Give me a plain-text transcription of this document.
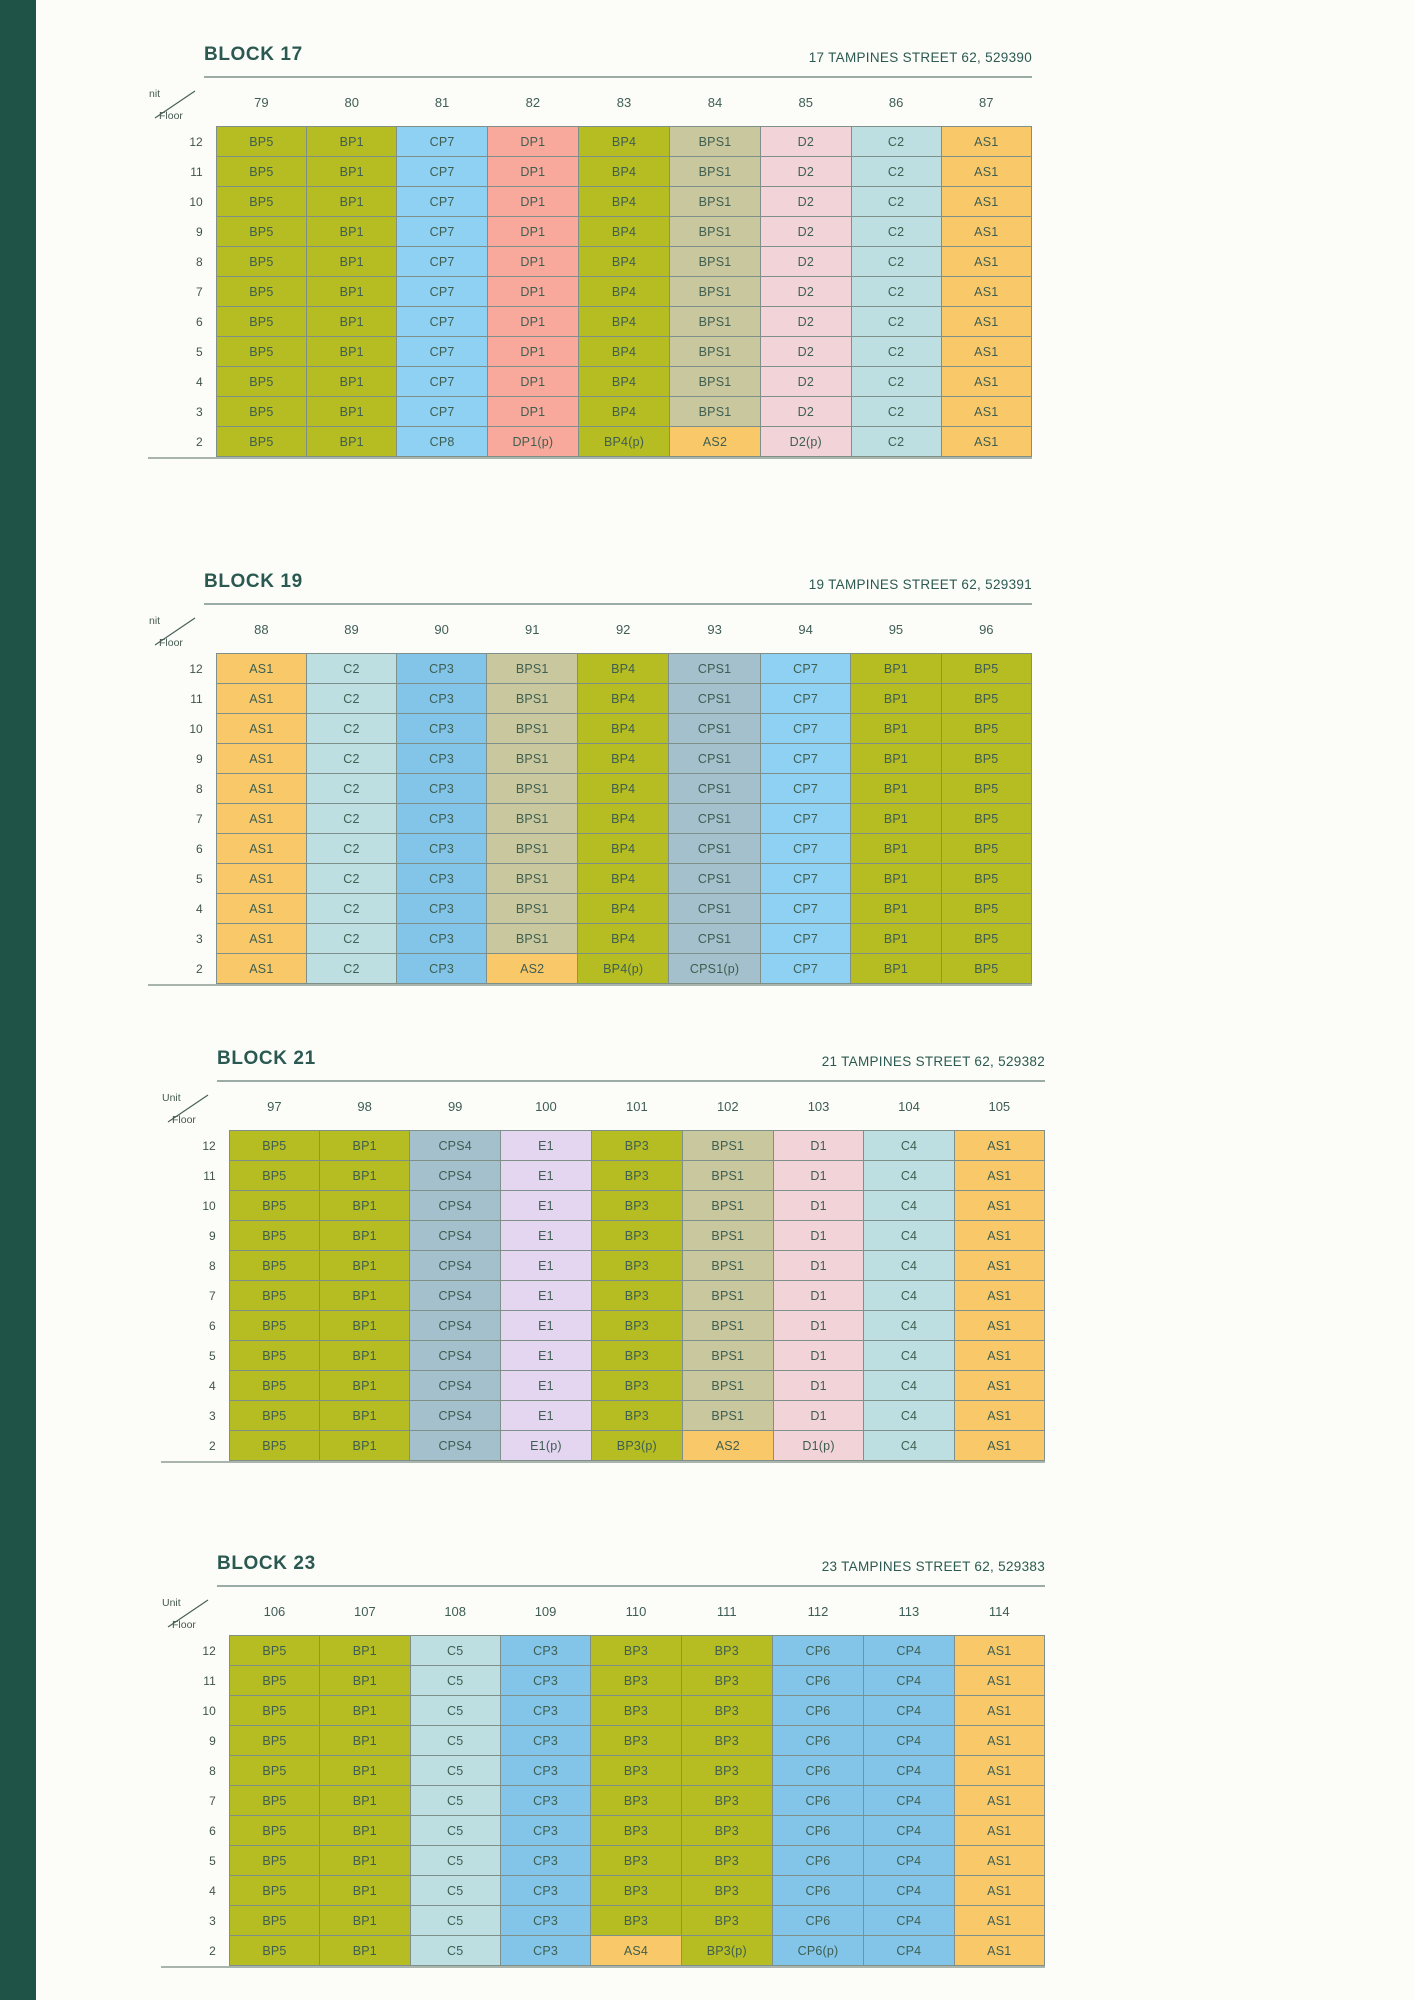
BLOCK 17	17 TAMPINES STREET 62, 529390
nit
Floor	79	80	81	82	83	84	85	86	87
12	BP5	BP1	CP7	DP1	BP4	BPS1	D2	C2	AS1
11	BP5	BP1	CP7	DP1	BP4	BPS1	D2	C2	AS1
10	BP5	BP1	CP7	DP1	BP4	BPS1	D2	C2	AS1
9	BP5	BP1	CP7	DP1	BP4	BPS1	D2	C2	AS1
8	BP5	BP1	CP7	DP1	BP4	BPS1	D2	C2	AS1
7	BP5	BP1	CP7	DP1	BP4	BPS1	D2	C2	AS1
6	BP5	BP1	CP7	DP1	BP4	BPS1	D2	C2	AS1
5	BP5	BP1	CP7	DP1	BP4	BPS1	D2	C2	AS1
4	BP5	BP1	CP7	DP1	BP4	BPS1	D2	C2	AS1
3	BP5	BP1	CP7	DP1	BP4	BPS1	D2	C2	AS1
2	BP5	BP1	CP8	DP1(p)	BP4(p)	AS2	D2(p)	C2	AS1
BLOCK 19	19 TAMPINES STREET 62, 529391
nit
Floor	88	89	90	91	92	93	94	95	96
12	AS1	C2	CP3	BPS1	BP4	CPS1	CP7	BP1	BP5
11	AS1	C2	CP3	BPS1	BP4	CPS1	CP7	BP1	BP5
10	AS1	C2	CP3	BPS1	BP4	CPS1	CP7	BP1	BP5
9	AS1	C2	CP3	BPS1	BP4	CPS1	CP7	BP1	BP5
8	AS1	C2	CP3	BPS1	BP4	CPS1	CP7	BP1	BP5
7	AS1	C2	CP3	BPS1	BP4	CPS1	CP7	BP1	BP5
6	AS1	C2	CP3	BPS1	BP4	CPS1	CP7	BP1	BP5
5	AS1	C2	CP3	BPS1	BP4	CPS1	CP7	BP1	BP5
4	AS1	C2	CP3	BPS1	BP4	CPS1	CP7	BP1	BP5
3	AS1	C2	CP3	BPS1	BP4	CPS1	CP7	BP1	BP5
2	AS1	C2	CP3	AS2	BP4(p)	CPS1(p)	CP7	BP1	BP5
BLOCK 21	21 TAMPINES STREET 62, 529382
Unit
Floor	97	98	99	100	101	102	103	104	105
12	BP5	BP1	CPS4	E1	BP3	BPS1	D1	C4	AS1
11	BP5	BP1	CPS4	E1	BP3	BPS1	D1	C4	AS1
10	BP5	BP1	CPS4	E1	BP3	BPS1	D1	C4	AS1
9	BP5	BP1	CPS4	E1	BP3	BPS1	D1	C4	AS1
8	BP5	BP1	CPS4	E1	BP3	BPS1	D1	C4	AS1
7	BP5	BP1	CPS4	E1	BP3	BPS1	D1	C4	AS1
6	BP5	BP1	CPS4	E1	BP3	BPS1	D1	C4	AS1
5	BP5	BP1	CPS4	E1	BP3	BPS1	D1	C4	AS1
4	BP5	BP1	CPS4	E1	BP3	BPS1	D1	C4	AS1
3	BP5	BP1	CPS4	E1	BP3	BPS1	D1	C4	AS1
2	BP5	BP1	CPS4	E1(p)	BP3(p)	AS2	D1(p)	C4	AS1
BLOCK 23	23 TAMPINES STREET 62, 529383
Unit
Floor	106	107	108	109	110	111	112	113	114
12	BP5	BP1	C5	CP3	BP3	BP3	CP6	CP4	AS1
11	BP5	BP1	C5	CP3	BP3	BP3	CP6	CP4	AS1
10	BP5	BP1	C5	CP3	BP3	BP3	CP6	CP4	AS1
9	BP5	BP1	C5	CP3	BP3	BP3	CP6	CP4	AS1
8	BP5	BP1	C5	CP3	BP3	BP3	CP6	CP4	AS1
7	BP5	BP1	C5	CP3	BP3	BP3	CP6	CP4	AS1
6	BP5	BP1	C5	CP3	BP3	BP3	CP6	CP4	AS1
5	BP5	BP1	C5	CP3	BP3	BP3	CP6	CP4	AS1
4	BP5	BP1	C5	CP3	BP3	BP3	CP6	CP4	AS1
3	BP5	BP1	C5	CP3	BP3	BP3	CP6	CP4	AS1
2	BP5	BP1	C5	CP3	AS4	BP3(p)	CP6(p)	CP4	AS1
